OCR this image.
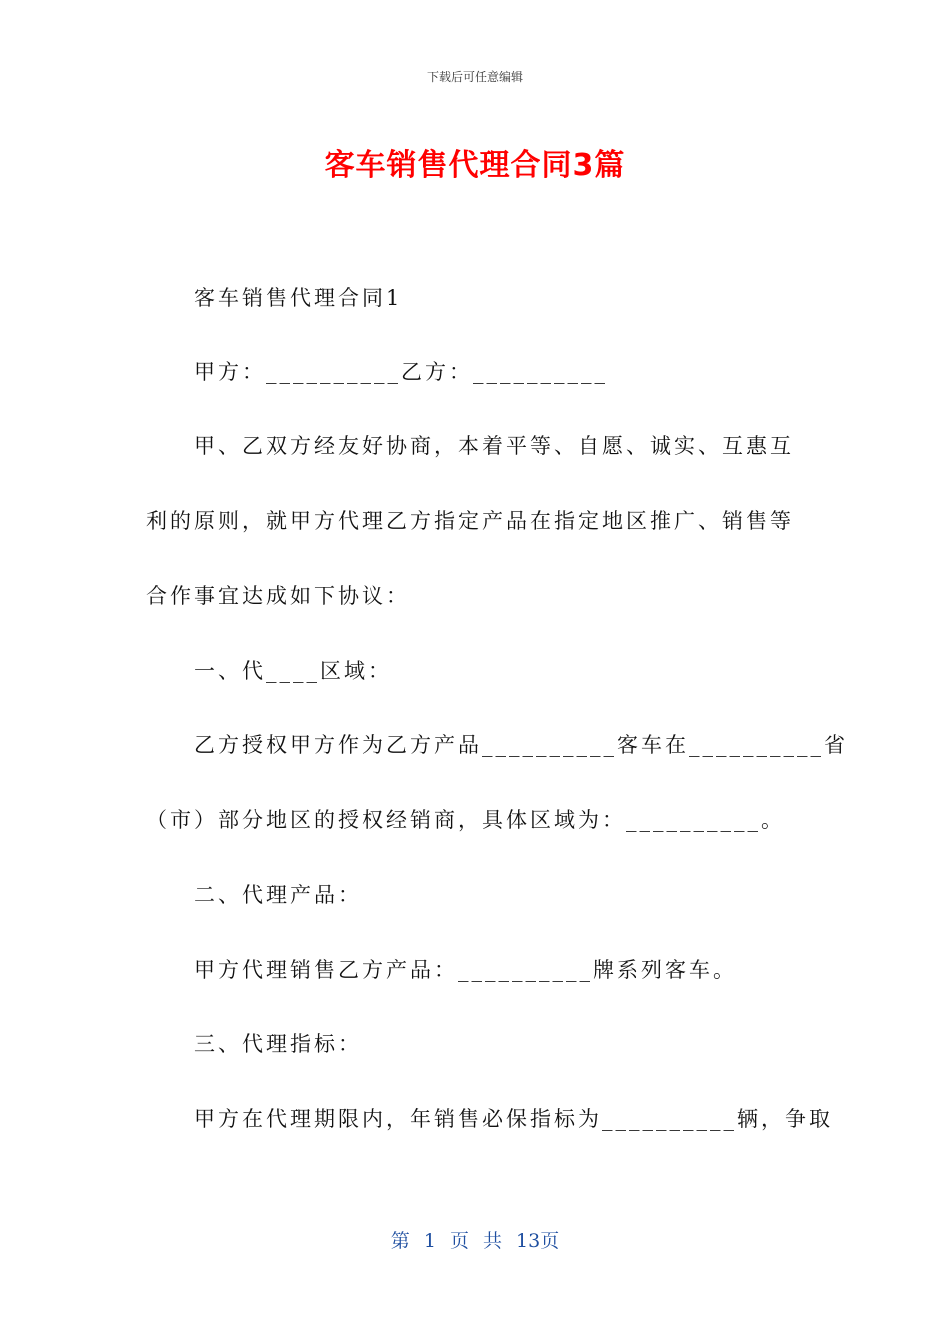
下载后可任意编辑
客车销售代理合同3篇
客车销售代理合同1
甲方：__________乙方：__________
甲、乙双方经友好协商，本着平等、自愿、诚实、互惠互
利的原则，就甲方代理乙方指定产品在指定地区推广、销售等
合作事宜达成如下协议：
一、代____区域：
乙方授权甲方作为乙方产品__________客车在__________省
（市）部分地区的授权经销商，具体区域为：__________。
二、代理产品：
甲方代理销售乙方产品：__________牌系列客车。
三、代理指标：
甲方在代理期限内，年销售必保指标为__________辆，争取
第 1 页 共 13页
